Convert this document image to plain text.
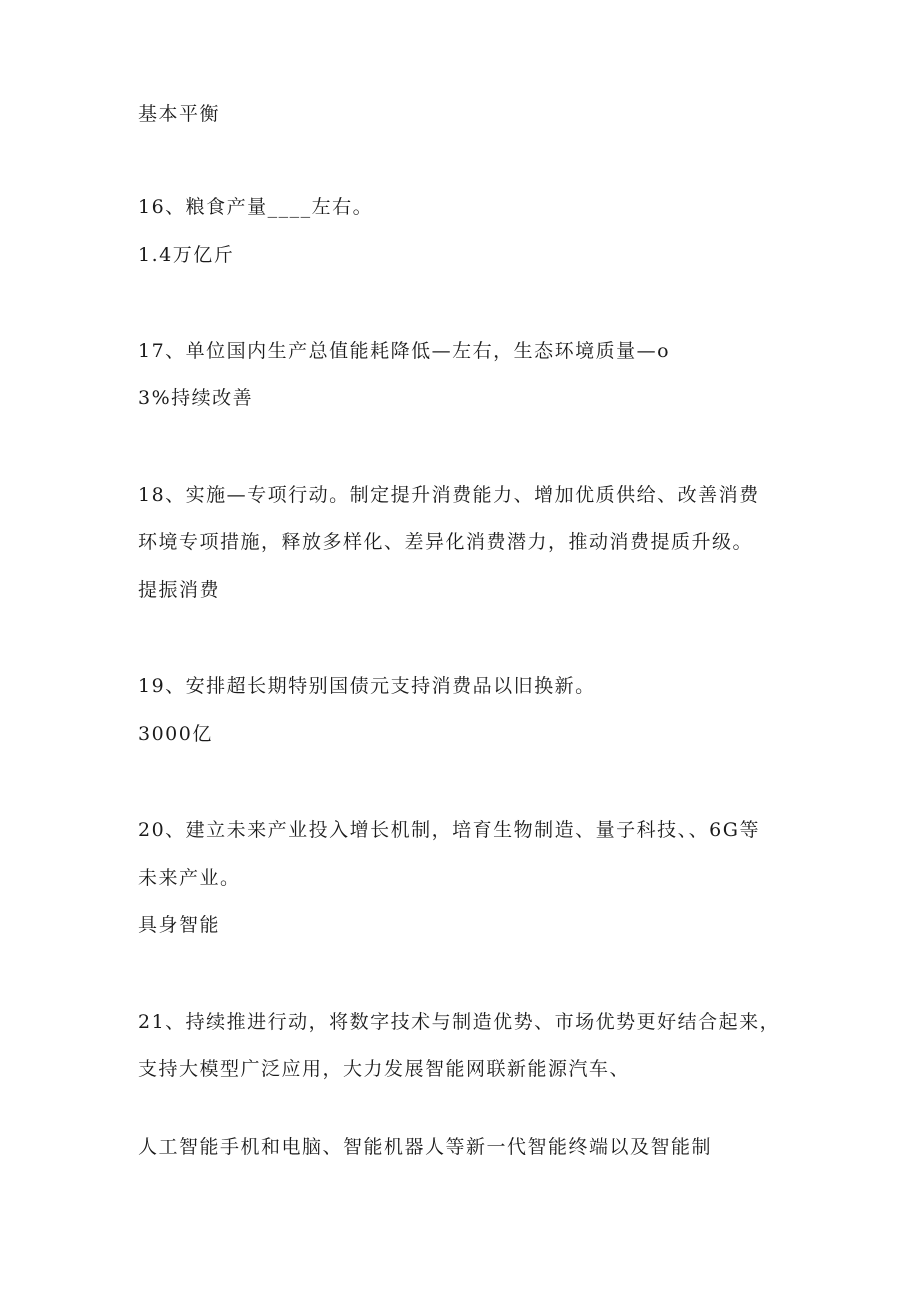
基本平衡
16、粮食产量____左右。
1.4万亿斤
17、单位国内生产总值能耗降低—左右，生态环境质量—o
3%持续改善
18、实施—专项行动。制定提升消费能力、增加优质供给、改善消费
环境专项措施，释放多样化、差异化消费潜力，推动消费提质升级。
提振消费
19、安排超长期特别国债元支持消费品以旧换新。
3000亿
20、建立未来产业投入增长机制，培育生物制造、量子科技、、6G等
未来产业。
具身智能
21、持续推进行动，将数字技术与制造优势、市场优势更好结合起来，
支持大模型广泛应用，大力发展智能网联新能源汽车、
人工智能手机和电脑、智能机器人等新一代智能终端以及智能制
